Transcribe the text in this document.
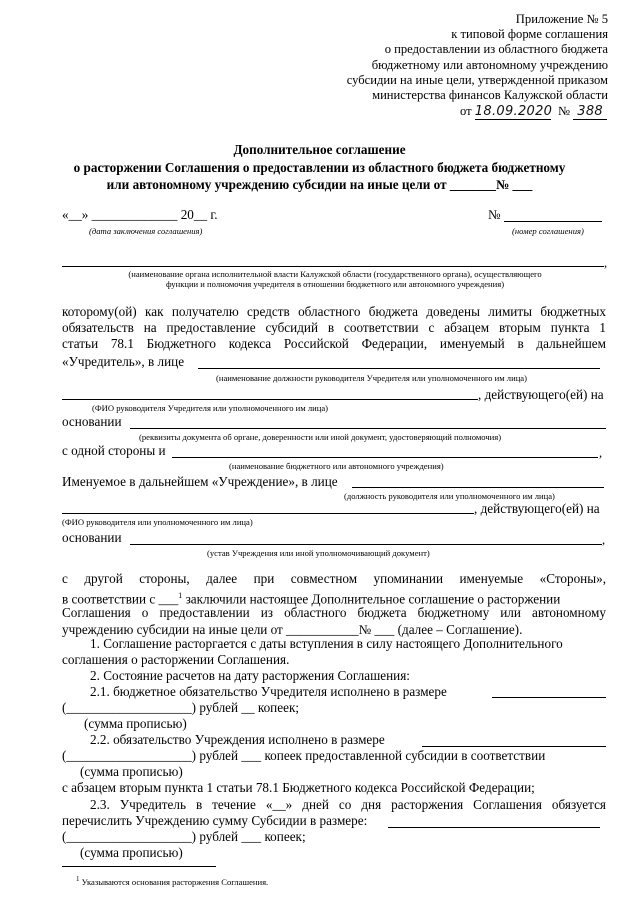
Приложение № 5
к типовой форме соглашения
о предоставлении из областного бюджета
бюджетному или автономному учреждению
субсидии на иные цели, утвержденной приказом
министерства финансов Калужской области
от 18.09.2020 № 388
Дополнительное соглашение
о расторжении Соглашения о предоставлении из областного бюджета бюджетному
или автономному учреждению субсидии на иные цели от _______№ ___
«__» _____________ 20__ г.
(дата заключения соглашения)
№
(номер соглашения)
,
(наименование органа исполнительной власти Калужской области (государственного органа), осуществляющего
функции и полномочия учредителя в отношении бюджетного или автономного учреждения)
которому(ой) как получателю средств областного бюджета доведены лимиты бюджетных
обязательств на предоставление субсидий в соответствии с абзацем вторым пункта 1
статьи 78.1 Бюджетного кодекса Российской Федерации, именуемый в дальнейшем
«Учредитель», в лице
(наименование должности руководителя Учредителя или уполномоченного им лица)
, действующего(ей) на
(ФИО руководителя Учредителя или уполномоченного им лица)
основании
(реквизиты документа об органе, доверенности или иной документ, удостоверяющий полномочия)
с одной стороны и	,
(наименование бюджетного или автономного учреждения)
Именуемое в дальнейшем «Учреждение», в лице
(должность руководителя или уполномоченного им лица)
, действующего(ей) на
(ФИО руководителя или уполномоченного им лица)
основании	,
(устав Учреждения или иной уполномочивающий документ)
с другой стороны, далее при совместном упоминании именуемые «Стороны»,
в соответствии с ___$^1$ заключили настоящее Дополнительное соглашение о расторжении
Соглашения о предоставлении из областного бюджета бюджетному или автономному
учреждению субсидии на иные цели от ___________№ ___ (далее – Соглашение).
1. Соглашение расторгается с даты вступления в силу настоящего Дополнительного
соглашения о расторжении Соглашения.
2. Состояние расчетов на дату расторжения Соглашения:
2.1. бюджетное обязательство Учредителя исполнено в размере
(___________________) рублей __ копеек;
(сумма прописью)
2.2. обязательство Учреждения исполнено в размере
(___________________) рублей ___ копеек предоставленной субсидии в соответствии
(сумма прописью)
с абзацем вторым пункта 1 статьи 78.1 Бюджетного кодекса Российской Федерации;
2.3. Учредитель в течение «__» дней со дня расторжения Соглашения обязуется
перечислить Учреждению сумму Субсидии в размере:
(___________________) рублей ___ копеек;
(сумма прописью)
$^1$ Указываются основания расторжения Соглашения.
